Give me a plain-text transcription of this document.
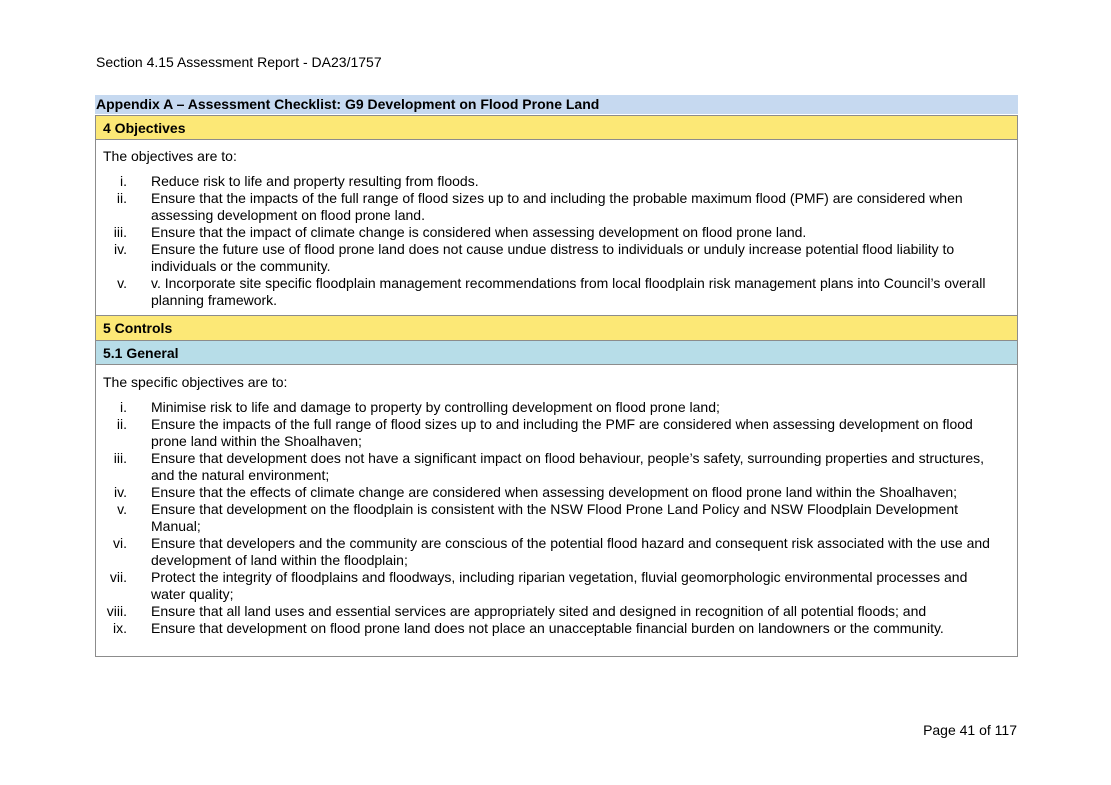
Section 4.15 Assessment Report - DA23/1757
Appendix A – Assessment Checklist: G9 Development on Flood Prone Land
4 Objectives
The objectives are to:
i. Reduce risk to life and property resulting from floods.
ii. Ensure that the impacts of the full range of flood sizes up to and including the probable maximum flood (PMF) are considered when assessing development on flood prone land.
iii. Ensure that the impact of climate change is considered when assessing development on flood prone land.
iv. Ensure the future use of flood prone land does not cause undue distress to individuals or unduly increase potential flood liability to individuals or the community.
v. v. Incorporate site specific floodplain management recommendations from local floodplain risk management plans into Council’s overall planning framework.
5 Controls
5.1 General
The specific objectives are to:
i. Minimise risk to life and damage to property by controlling development on flood prone land;
ii. Ensure the impacts of the full range of flood sizes up to and including the PMF are considered when assessing development on flood prone land within the Shoalhaven;
iii. Ensure that development does not have a significant impact on flood behaviour, people’s safety, surrounding properties and structures, and the natural environment;
iv. Ensure that the effects of climate change are considered when assessing development on flood prone land within the Shoalhaven;
v. Ensure that development on the floodplain is consistent with the NSW Flood Prone Land Policy and NSW Floodplain Development Manual;
vi. Ensure that developers and the community are conscious of the potential flood hazard and consequent risk associated with the use and development of land within the floodplain;
vii. Protect the integrity of floodplains and floodways, including riparian vegetation, fluvial geomorphologic environmental processes and water quality;
viii. Ensure that all land uses and essential services are appropriately sited and designed in recognition of all potential floods; and
ix. Ensure that development on flood prone land does not place an unacceptable financial burden on landowners or the community.
Page 41 of 117
